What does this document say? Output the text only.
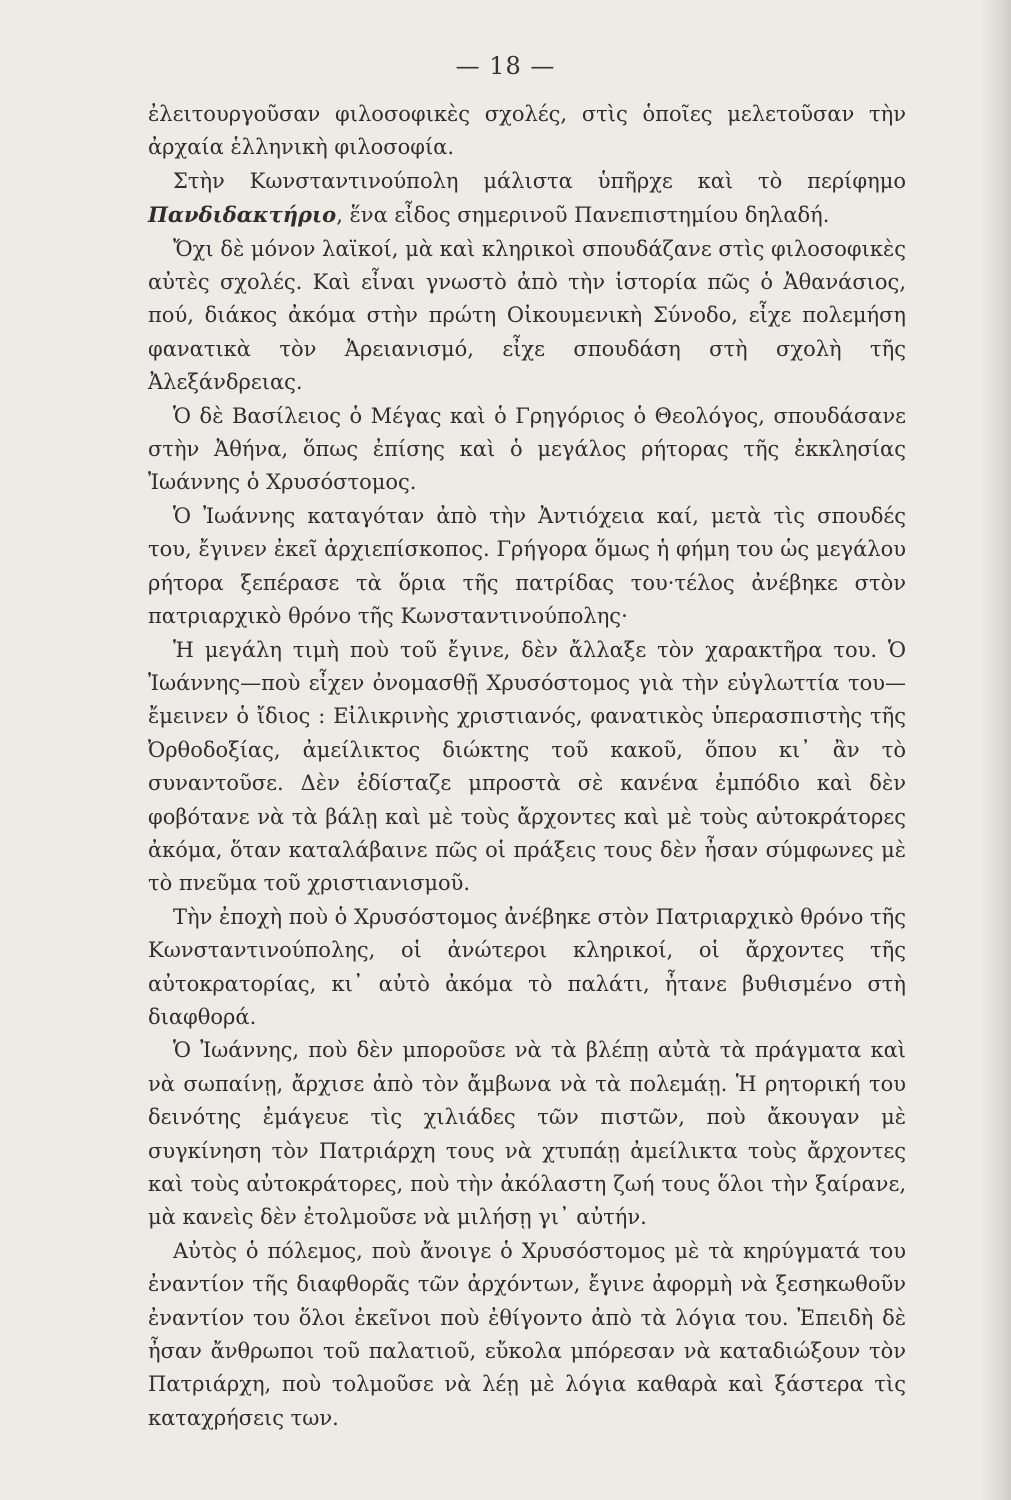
— 18 —

ἐλειτουργοῦσαν φιλοσοφικὲς σχολές, στὶς ὁποῖες μελετοῦσαν τὴν ἀρχαία ἑλληνικὴ φιλοσοφία.

Στὴν Κωνσταντινούπολη μάλιστα ὑπῆρχε καὶ τὸ περίφημο Πανδιδακτήριο, ἕνα εἶδος σημερινοῦ Πανεπιστημίου δηλαδή.

Ὄχι δὲ μόνον λαϊκοί, μὰ καὶ κληρικοὶ σπουδάζανε στὶς φιλοσοφικὲς αὐτὲς σχολές. Καὶ εἶναι γνωστὸ ἀπὸ τὴν ἱστορία πῶς ὁ Ἀθανάσιος, πού, διάκος ἀκόμα στὴν πρώτη Οἰκουμενικὴ Σύνοδο, εἶχε πολεμήση φανατικὰ τὸν Ἀρειανισμό, εἶχε σπουδάση στὴ σχολὴ τῆς Ἀλεξάνδρειας.

Ὁ δὲ Βασίλειος ὁ Μέγας καὶ ὁ Γρηγόριος ὁ Θεολόγος, σπουδάσανε στὴν Ἀθήνα, ὅπως ἐπίσης καὶ ὁ μεγάλος ρήτορας τῆς ἐκκλησίας Ἰωάννης ὁ Χρυσόστομος.

Ὁ Ἰωάννης καταγόταν ἀπὸ τὴν Ἀντιόχεια καί, μετὰ τὶς σπουδές του, ἔγινεν ἐκεῖ ἀρχιεπίσκοπος. Γρήγορα ὅμως ἡ φήμη του ὡς μεγάλου ρήτορα ξεπέρασε τὰ ὅρια τῆς πατρίδας του·τέλος ἀνέβηκε στὸν πατριαρχικὸ θρόνο τῆς Κωνσταντινούπολης·

Ἡ μεγάλη τιμὴ ποὺ τοῦ ἔγινε, δὲν ἄλλαξε τὸν χαρακτῆρα του. Ὁ Ἰωάννης—ποὺ εἶχεν ὀνομασθῇ Χρυσόστομος γιὰ τὴν εὐγλωττία του—ἔμεινεν ὁ ἴδιος : Εἰλικρινὴς χριστιανός, φανατικὸς ὑπερασπιστὴς τῆς Ὀρθοδοξίας, ἀμείλικτος διώκτης τοῦ κακοῦ, ὅπου κι᾿ ἂν τὸ συναντοῦσε. Δὲν ἐδίσταζε μπροστὰ σὲ κανένα ἐμπόδιο καὶ δὲν φοβότανε νὰ τὰ βάλῃ καὶ μὲ τοὺς ἄρχοντες καὶ μὲ τοὺς αὐτοκράτορες ἀκόμα, ὅταν καταλάβαινε πῶς οἱ πράξεις τους δὲν ἦσαν σύμφωνες μὲ τὸ πνεῦμα τοῦ χριστιανισμοῦ.

Τὴν ἐποχὴ ποὺ ὁ Χρυσόστομος ἀνέβηκε στὸν Πατριαρχικὸ θρόνο τῆς Κωνσταντινούπολης, οἱ ἀνώτεροι κληρικοί, οἱ ἄρχοντες τῆς αὐτοκρατορίας, κι᾿ αὐτὸ ἀκόμα τὸ παλάτι, ἦτανε βυθισμένο στὴ διαφθορά.

Ὁ Ἰωάννης, ποὺ δὲν μποροῦσε νὰ τὰ βλέπῃ αὐτὰ τὰ πράγματα καὶ νὰ σωπαίνῃ, ἄρχισε ἀπὸ τὸν ἄμβωνα νὰ τὰ πολεμάῃ. Ἡ ρητορική του δεινότης ἐμάγευε τὶς χιλιάδες τῶν πιστῶν, ποὺ ἄκουγαν μὲ συγκίνηση τὸν Πατριάρχη τους νὰ χτυπάῃ ἀμείλικτα τοὺς ἄρχοντες καὶ τοὺς αὐτοκράτορες, ποὺ τὴν ἀκόλαστη ζωή τους ὅλοι τὴν ξαίρανε, μὰ κανεὶς δὲν ἐτολμοῦσε νὰ μιλήσῃ γι᾿ αὐτήν.

Αὐτὸς ὁ πόλεμος, ποὺ ἄνοιγε ὁ Χρυσόστομος μὲ τὰ κηρύγματά του ἐναντίον τῆς διαφθορᾶς τῶν ἀρχόντων, ἔγινε ἀφορμὴ νὰ ξεσηκωθοῦν ἐναντίον του ὅλοι ἐκεῖνοι ποὺ ἐθίγοντο ἀπὸ τὰ λόγια του. Ἐπειδὴ δὲ ἦσαν ἄνθρωποι τοῦ παλατιοῦ, εὔκολα μπόρεσαν νὰ καταδιώξουν τὸν Πατριάρχη, ποὺ τολμοῦσε νὰ λέῃ μὲ λόγια καθαρὰ καὶ ξάστερα τὶς καταχρήσεις των.
